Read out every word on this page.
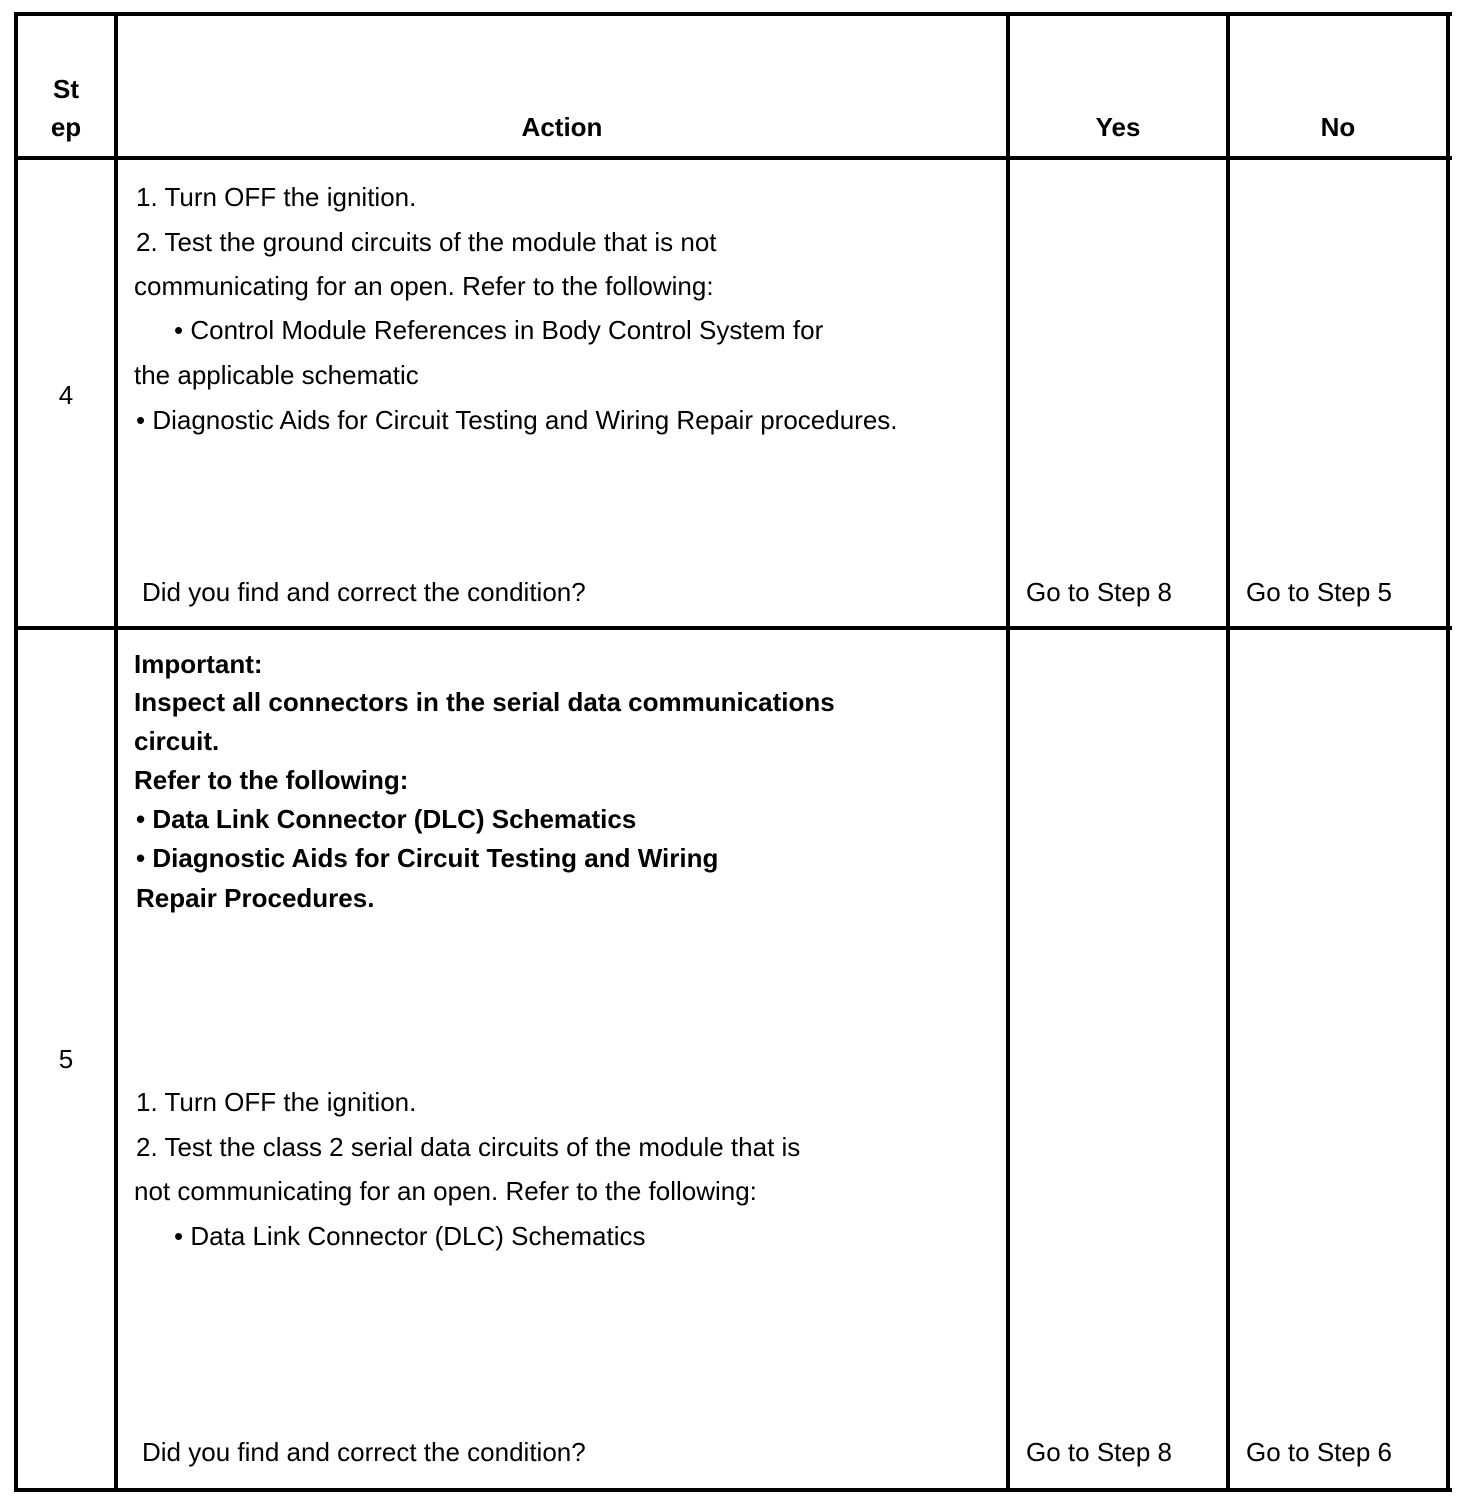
St
ep	Action	Yes	No
4
1. Turn OFF the ignition.
2. Test the ground circuits of the module that is not
communicating for an open. Refer to the following:
• Control Module References in Body Control System for
the applicable schematic
• Diagnostic Aids for Circuit Testing and Wiring Repair procedures.
Did you find and correct the condition?	Go to Step 8	Go to Step 5
5
Important:
Inspect all connectors in the serial data communications
circuit.
Refer to the following:
• Data Link Connector (DLC) Schematics
• Diagnostic Aids for Circuit Testing and Wiring
Repair Procedures.
1. Turn OFF the ignition.
2. Test the class 2 serial data circuits of the module that is
not communicating for an open. Refer to the following:
• Data Link Connector (DLC) Schematics
Did you find and correct the condition?	Go to Step 8	Go to Step 6
